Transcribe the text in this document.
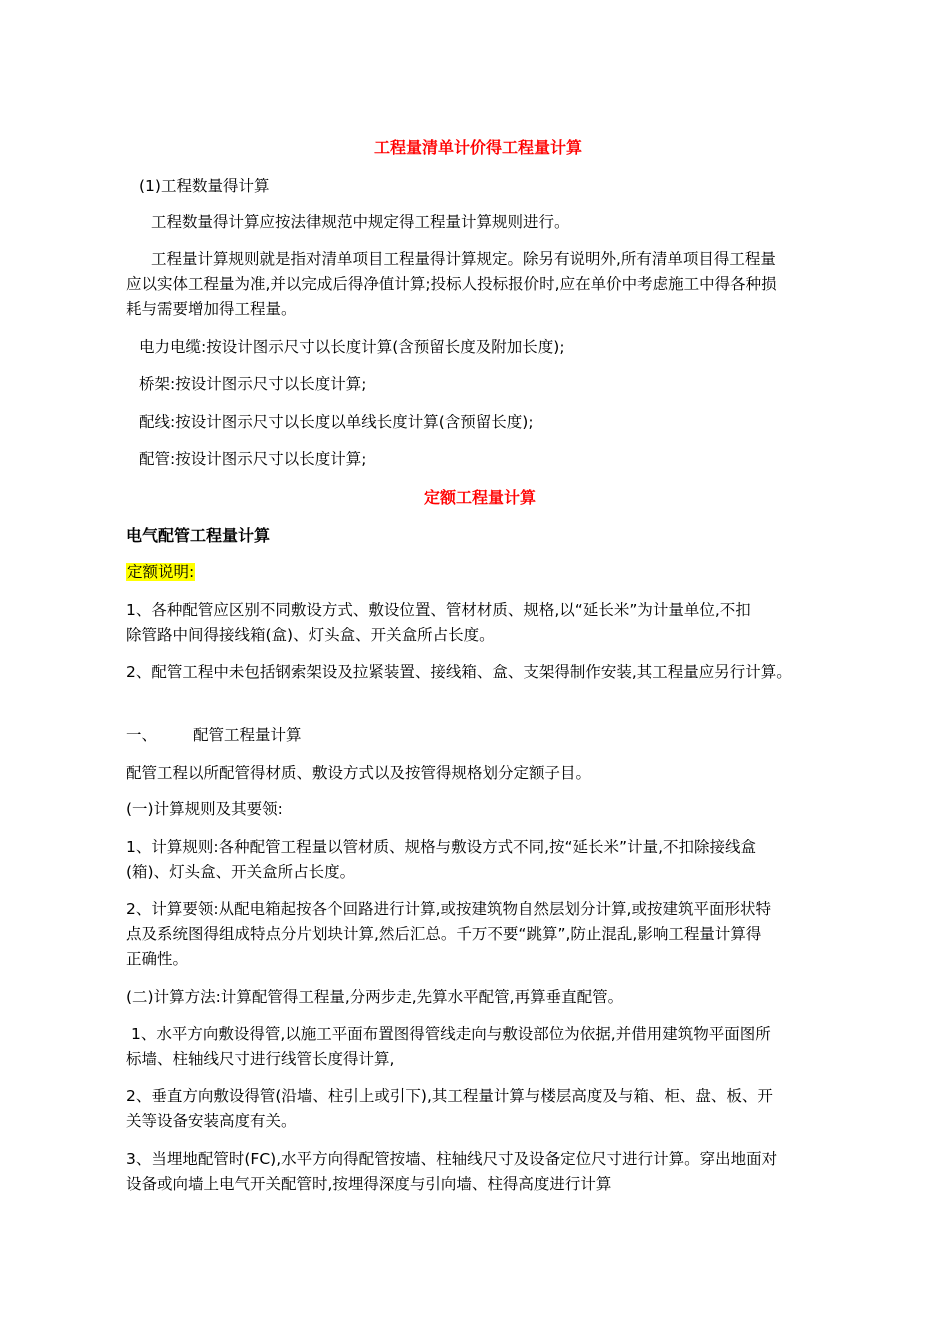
工程量清单计价得工程量计算
(1)工程数量得计算
工程数量得计算应按法律规范中规定得工程量计算规则进行。
工程量计算规则就是指对清单项目工程量得计算规定。除另有说明外,所有清单项目得工程量
应以实体工程量为准,并以完成后得净值计算;投标人投标报价时,应在单价中考虑施工中得各种损
耗与需要增加得工程量。
电力电缆:按设计图示尺寸以长度计算(含预留长度及附加长度);
桥架:按设计图示尺寸以长度计算;
配线:按设计图示尺寸以长度以单线长度计算(含预留长度);
配管:按设计图示尺寸以长度计算;
定额工程量计算
电气配管工程量计算
定额说明:
1、各种配管应区别不同敷设方式、敷设位置、管材材质、规格,以“延长米”为计量单位,不扣
除管路中间得接线箱(盒)、灯头盒、开关盒所占长度。
2、配管工程中未包括钢索架设及拉紧装置、接线箱、盒、支架得制作安装,其工程量应另行计算。
一、 配管工程量计算
配管工程以所配管得材质、敷设方式以及按管得规格划分定额子目。
(一)计算规则及其要领:
1、计算规则:各种配管工程量以管材质、规格与敷设方式不同,按“延长米”计量,不扣除接线盒
(箱)、灯头盒、开关盒所占长度。
2、计算要领:从配电箱起按各个回路进行计算,或按建筑物自然层划分计算,或按建筑平面形状特
点及系统图得组成特点分片划块计算,然后汇总。千万不要“跳算”,防止混乱,影响工程量计算得
正确性。
(二)计算方法:计算配管得工程量,分两步走,先算水平配管,再算垂直配管。
1、水平方向敷设得管,以施工平面布置图得管线走向与敷设部位为依据,并借用建筑物平面图所
标墙、柱轴线尺寸进行线管长度得计算,
2、垂直方向敷设得管(沿墙、柱引上或引下),其工程量计算与楼层高度及与箱、柜、盘、板、开
关等设备安装高度有关。
3、当埋地配管时(FC),水平方向得配管按墙、柱轴线尺寸及设备定位尺寸进行计算。穿出地面对
设备或向墙上电气开关配管时,按埋得深度与引向墙、柱得高度进行计算
